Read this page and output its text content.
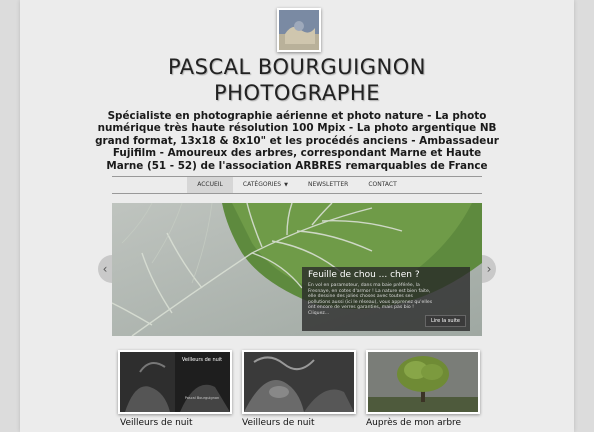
PASCAL BOURGUIGNON
PHOTOGRAPHE

Spécialiste en photographie aérienne et photo nature - La photo numérique très haute résolution 100 Mpix - La photo argentique NB grand format, 13x18 & 8x10" et les procédés anciens - Ambassadeur Fujifilm - Amoureux des arbres, correspondant Marne et Haute Marne (51 - 52) de l'association ARBRES remarquables de France

ACCUEIL	CATÉGORIES ▼	NEWSLETTER	CONTACT
‹	Feuille de chou ... chen ?
En vol en paramoteur, dans ma baie préférée, la Fresnaye, en cotes d'armor ! La nature est bien faite, elle dessine des jolies choses avec toutes ses pollutions aussi (ici le réseau), vous apprenez qu'elles ont encore de verres garanties, mais pas bio ! Cliquez...
Lire la suite
›
Veilleurs de nuit
Pascal Bourguignon
Veilleurs de nuit	Veilleurs de nuit	Auprès de mon arbre
